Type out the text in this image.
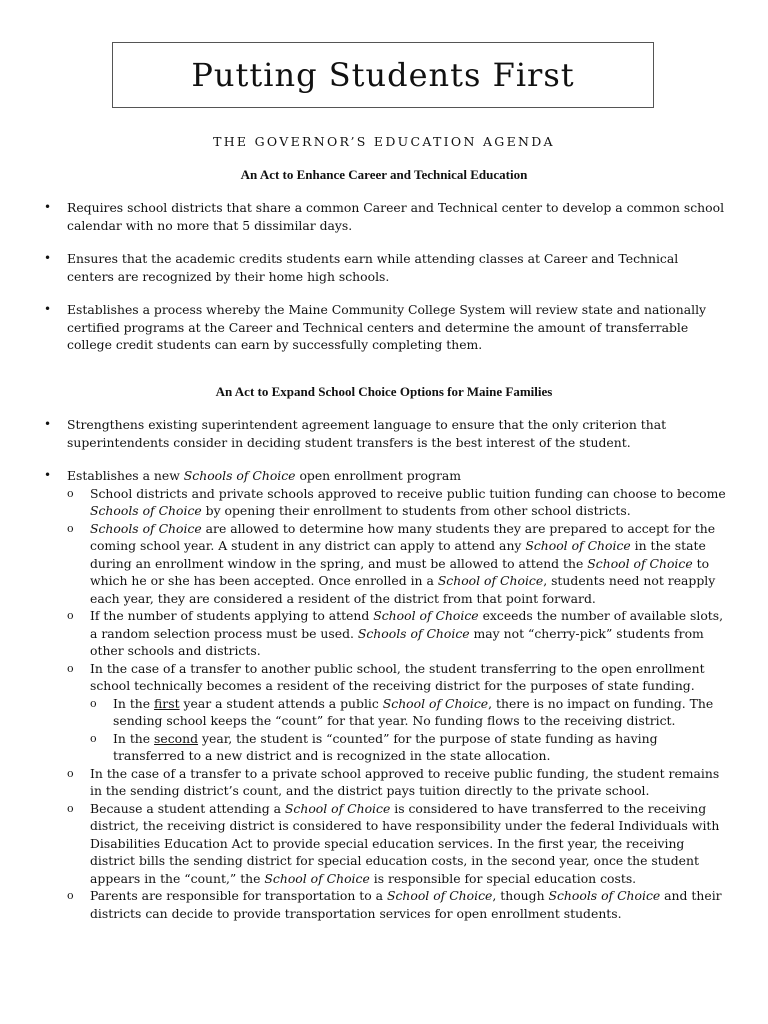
Putting Students First
THE GOVERNOR’S EDUCATION AGENDA
An Act to Enhance Career and Technical Education
• Requires school districts that share a common Career and Technical center to develop a common school calendar with no more that 5 dissimilar days.
• Ensures that the academic credits students earn while attending classes at Career and Technical centers are recognized by their home high schools.
• Establishes a process whereby the Maine Community College System will review state and nationally certified programs at the Career and Technical centers and determine the amount of transferrable college credit students can earn by successfully completing them.
An Act to Expand School Choice Options for Maine Families
• Strengthens existing superintendent agreement language to ensure that the only criterion that superintendents consider in deciding student transfers is the best interest of the student.
• Establishes a new Schools of Choice open enrollment program
o School districts and private schools approved to receive public tuition funding can choose to become Schools of Choice by opening their enrollment to students from other school districts.
o Schools of Choice are allowed to determine how many students they are prepared to accept for the coming school year. A student in any district can apply to attend any School of Choice in the state during an enrollment window in the spring, and must be allowed to attend the School of Choice to which he or she has been accepted. Once enrolled in a School of Choice, students need not reapply each year, they are considered a resident of the district from that point forward.
o If the number of students applying to attend School of Choice exceeds the number of available slots, a random selection process must be used. Schools of Choice may not “cherry-pick” students from other schools and districts.
o In the case of a transfer to another public school, the student transferring to the open enrollment school technically becomes a resident of the receiving district for the purposes of state funding.
o In the first year a student attends a public School of Choice, there is no impact on funding. The sending school keeps the “count” for that year. No funding flows to the receiving district.
o In the second year, the student is “counted” for the purpose of state funding as having transferred to a new district and is recognized in the state allocation.
o In the case of a transfer to a private school approved to receive public funding, the student remains in the sending district’s count, and the district pays tuition directly to the private school.
o Because a student attending a School of Choice is considered to have transferred to the receiving district, the receiving district is considered to have responsibility under the federal Individuals with Disabilities Education Act to provide special education services. In the first year, the receiving district bills the sending district for special education costs, in the second year, once the student appears in the “count,” the School of Choice is responsible for special education costs.
o Parents are responsible for transportation to a School of Choice, though Schools of Choice and their districts can decide to provide transportation services for open enrollment students.
